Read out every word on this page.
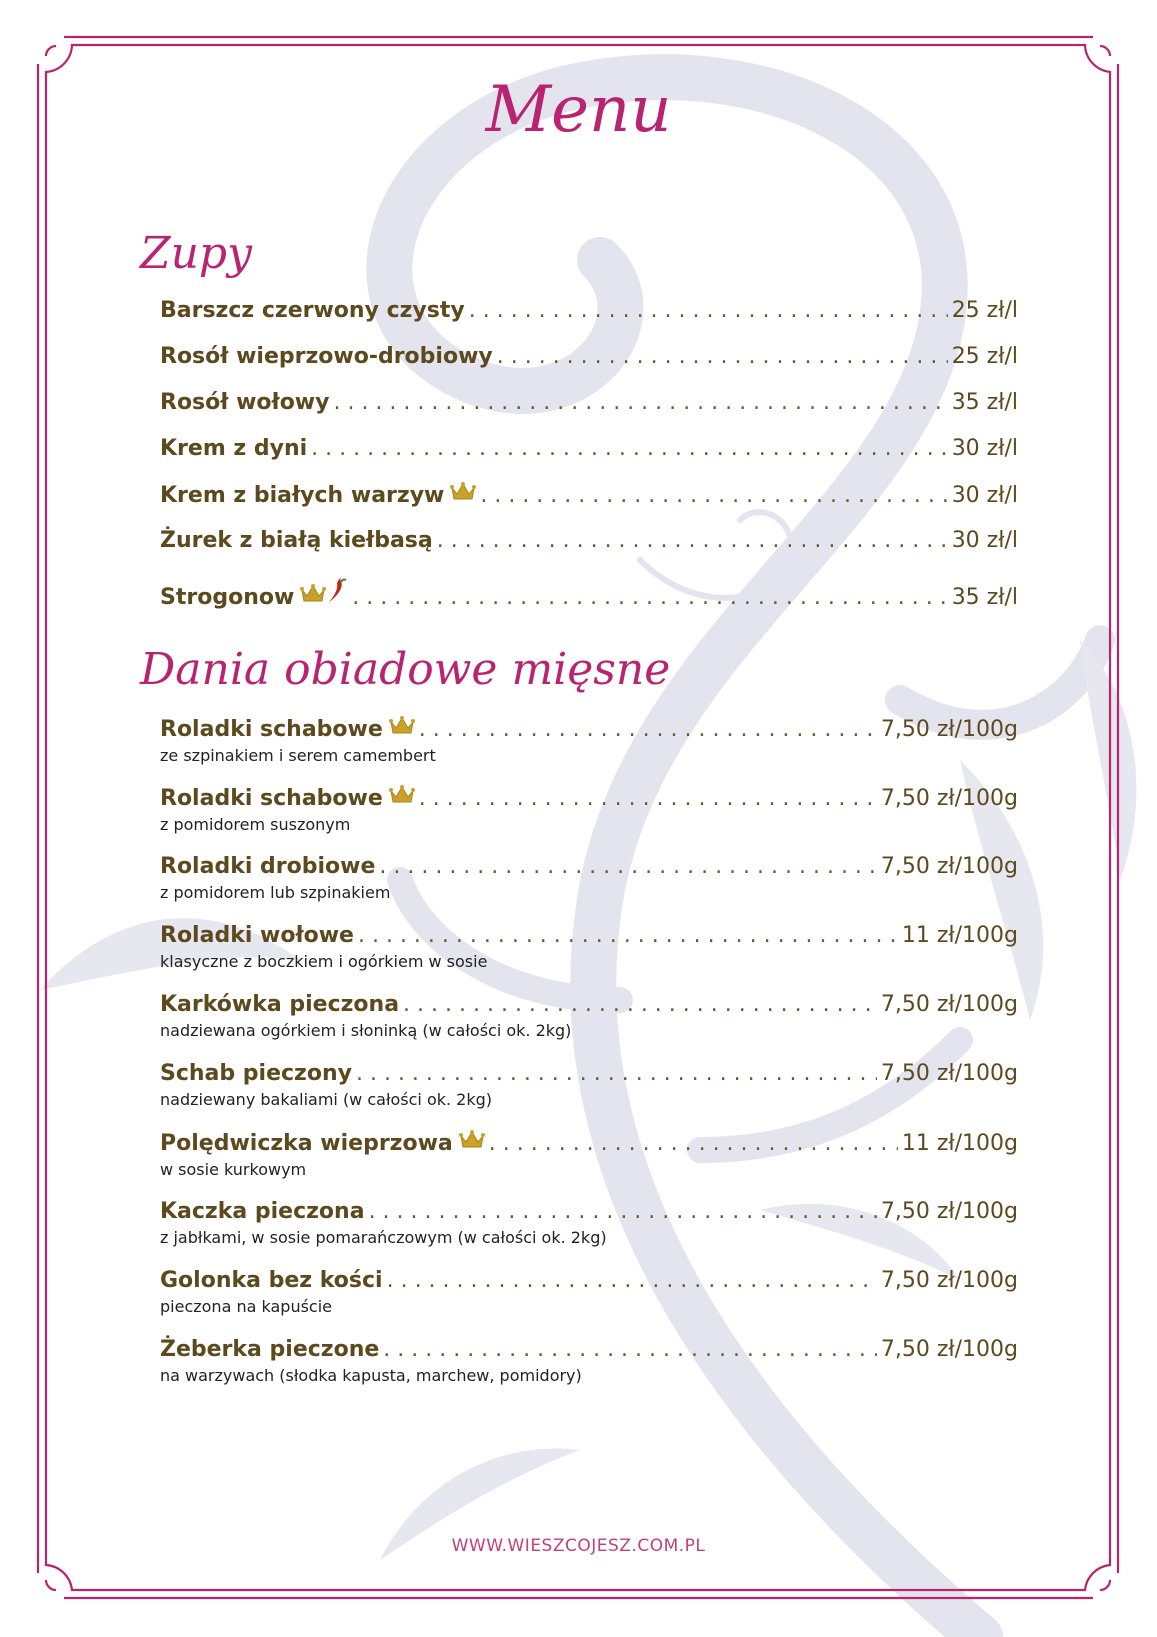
Menu
Zupy
Barszcz czerwony czysty . . .	25 zł/l
Rosół wieprzowo-drobiowy . . .	25 zł/l
Rosół wołowy . . .	35 zł/l
Krem z dyni . . .	30 zł/l
Krem z białych warzyw . . .	30 zł/l
Żurek z białą kiełbasą . . .	30 zł/l
Strogonow . . .	35 zł/l
Dania obiadowe mięsne
Roladki schabowe . . .	7,50 zł/100g
ze szpinakiem i serem camembert
Roladki schabowe . . .	7,50 zł/100g
z pomidorem suszonym
Roladki drobiowe . . .	7,50 zł/100g
z pomidorem lub szpinakiem
Roladki wołowe . . .	11 zł/100g
klasyczne z boczkiem i ogórkiem w sosie
Karkówka pieczona . . .	7,50 zł/100g
nadziewana ogórkiem i słoninką (w całości ok. 2kg)
Schab pieczony . . .	7,50 zł/100g
nadziewany bakaliami (w całości ok. 2kg)
Polędwiczka wieprzowa . . .	11 zł/100g
w sosie kurkowym
Kaczka pieczona . . .	7,50 zł/100g
z jabłkami, w sosie pomarańczowym (w całości ok. 2kg)
Golonka bez kości . . .	7,50 zł/100g
pieczona na kapuście
Żeberka pieczone . . .	7,50 zł/100g
na warzywach (słodka kapusta, marchew, pomidory)
WWW.WIESZCOJESZ.COM.PL
